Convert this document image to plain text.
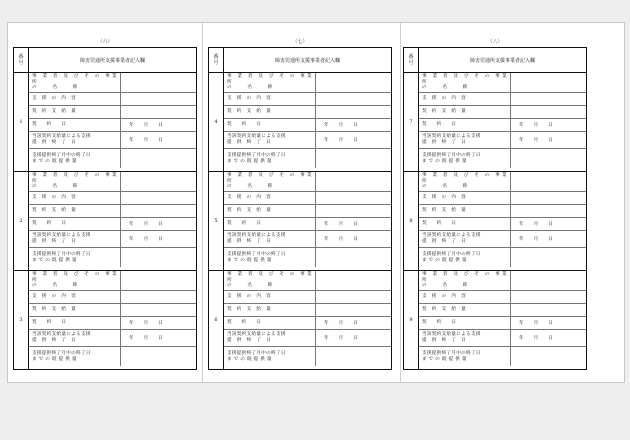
（六）
番
号	障害児通所支援事業者記入欄
1
事 業 者 及 び そ の 事業所
の　　名　　称
支　援　の　内　容
契　約　支　給　量
契　　約　　日	年 月 日
当該契約支給量による支援
提　供　終　了　日	年 月 日
支援提供終了月中の終了日
ま で の 既 提 供 量
2
事 業 者 及 び そ の 事業所
の　　名　　称
支　援　の　内　容
契　約　支　給　量
契　　約　　日	年 月 日
当該契約支給量による支援
提　供　終　了　日	年 月 日
支援提供終了月中の終了日
ま で の 既 提 供 量
3
事 業 者 及 び そ の 事業所
の　　名　　称
支　援　の　内　容
契　約　支　給　量
契　　約　　日	年 月 日
当該契約支給量による支援
提　供　終　了　日	年 月 日
支援提供終了月中の終了日
ま で の 既 提 供 量
（七）
番
号	障害児通所支援事業者記入欄
4
事 業 者 及 び そ の 事業所
の　　名　　称
支　援　の　内　容
契　約　支　給　量
契　　約　　日	年 月 日
当該契約支給量による支援
提　供　終　了　日	年 月 日
支援提供終了月中の終了日
ま で の 既 提 供 量
5
事 業 者 及 び そ の 事業所
の　　名　　称
支　援　の　内　容
契　約　支　給　量
契　　約　　日	年 月 日
当該契約支給量による支援
提　供　終　了　日	年 月 日
支援提供終了月中の終了日
ま で の 既 提 供 量
6
事 業 者 及 び そ の 事業所
の　　名　　称
支　援　の　内　容
契　約　支　給　量
契　　約　　日	年 月 日
当該契約支給量による支援
提　供　終　了　日	年 月 日
支援提供終了月中の終了日
ま で の 既 提 供 量
（八）
番
号	障害児通所支援事業者記入欄
7
事 業 者 及 び そ の 事業所
の　　名　　称
支　援　の　内　容
契　約　支　給　量
契　　約　　日	年 月 日
当該契約支給量による支援
提　供　終　了　日	年 月 日
支援提供終了月中の終了日
ま で の 既 提 供 量
8
事 業 者 及 び そ の 事業所
の　　名　　称
支　援　の　内　容
契　約　支　給　量
契　　約　　日	年 月 日
当該契約支給量による支援
提　供　終　了　日	年 月 日
支援提供終了月中の終了日
ま で の 既 提 供 量
9
事 業 者 及 び そ の 事業所
の　　名　　称
支　援　の　内　容
契　約　支　給　量
契　　約　　日	年 月 日
当該契約支給量による支援
提　供　終　了　日	年 月 日
支援提供終了月中の終了日
ま で の 既 提 供 量
